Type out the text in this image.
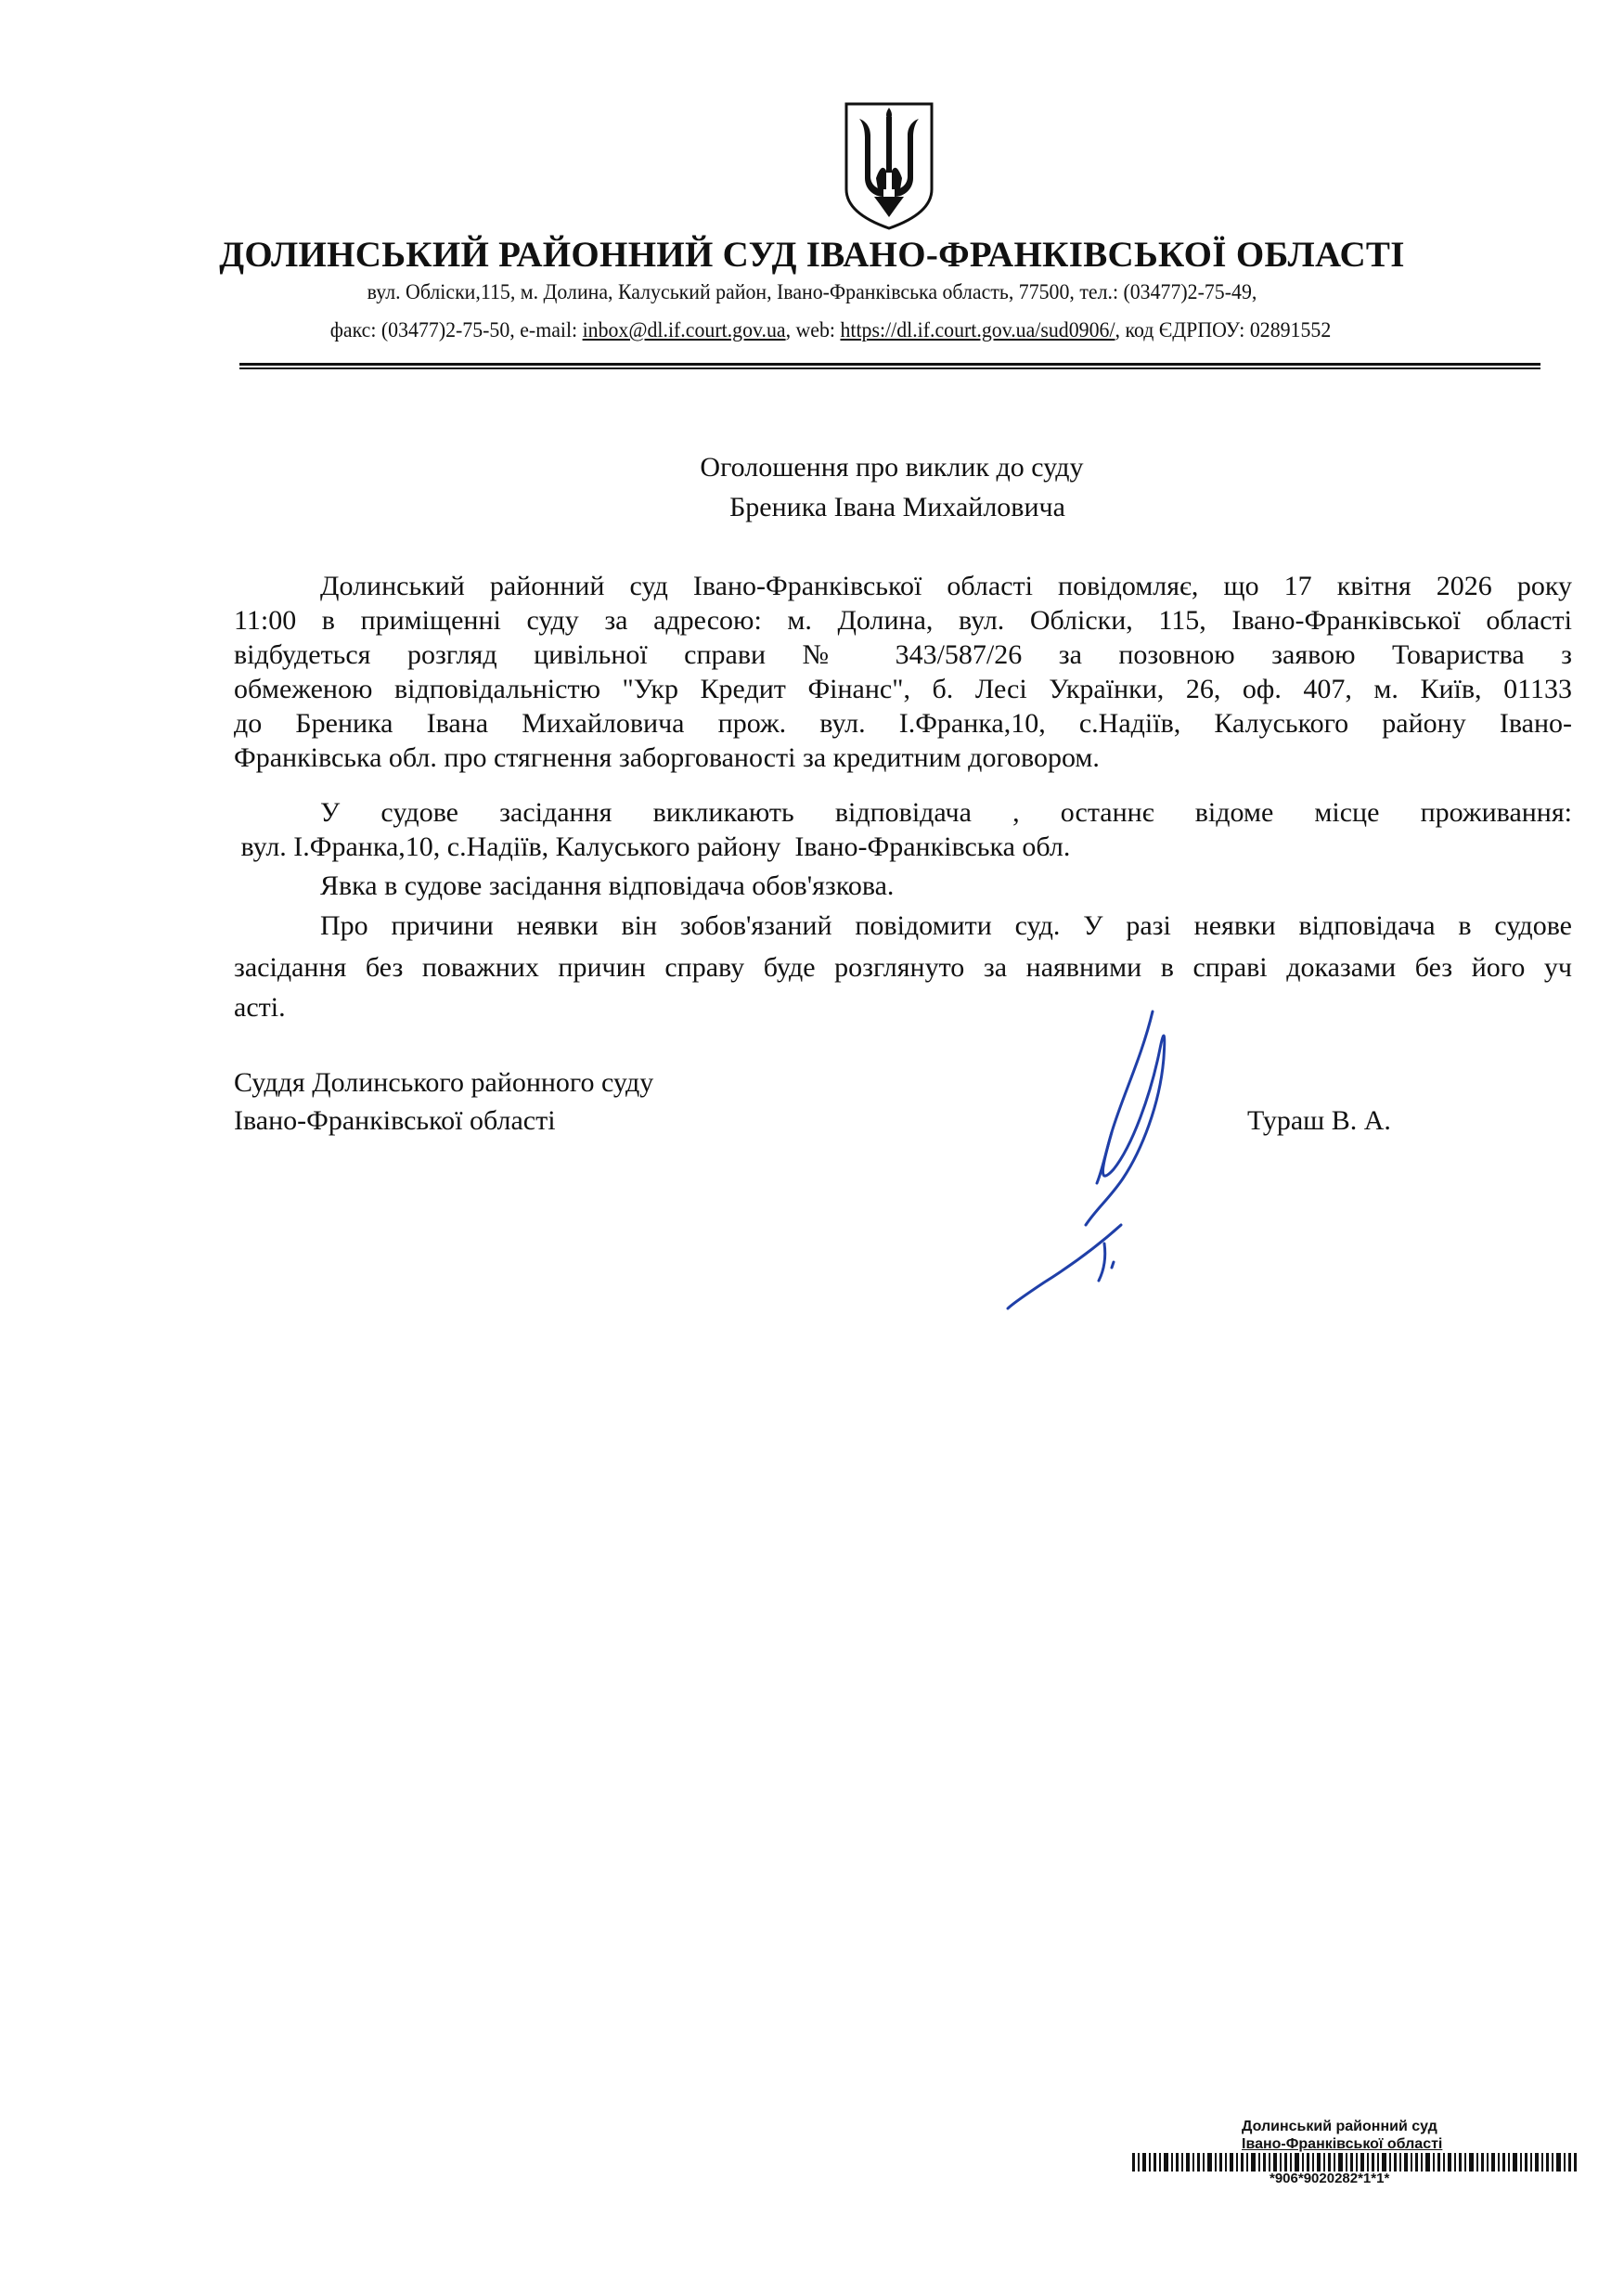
ДОЛИНСЬКИЙ РАЙОННИЙ СУД ІВАНО-ФРАНКІВСЬКОЇ ОБЛАСТІ
вул. Обліски,115, м. Долина, Калуський район, Івано-Франківська область, 77500, тел.: (03477)2-75-49,
факс: (03477)2-75-50, e-mail: inbox@dl.if.court.gov.ua, web: https://dl.if.court.gov.ua/sud0906/, код ЄДРПОУ: 02891552
Оголошення про виклик до суду
Бреника Івана Михайловича
Долинський районний суд Івано-Франківської області повідомляє, що 17 квітня 2026 року
11:00 в приміщенні суду за адресою: м. Долина, вул. Обліски, 115, Івано-Франківської області
відбудеться розгляд цивільної справи № 343/587/26 за позовною заявою Товариства з
обмеженою відповідальністю "Укр Кредит Фінанс", б. Лесі Українки, 26, оф. 407, м. Київ, 01133
до Бреника Івана Михайловича прож. вул. І.Франка,10, с.Надіїв, Калуського району Івано-
Франківська обл. про стягнення заборгованості за кредитним договором.
У судове засідання викликають відповідача , останнє відоме місце проживання:
вул. І.Франка,10, с.Надіїв, Калуського району  Івано-Франківська обл.
Явка в судове засідання відповідача обов'язкова.
Про причини неявки він зобов'язаний повідомити суд. У разі неявки відповідача в судове
засідання без поважних причин справу буде розглянуто за наявними в справі доказами без його уч
асті.
Суддя Долинського районного суду
Івано-Франківської області	Тураш В. А.
Долинський районний суд
Івано-Франківської області
*906*9020282*1*1*
